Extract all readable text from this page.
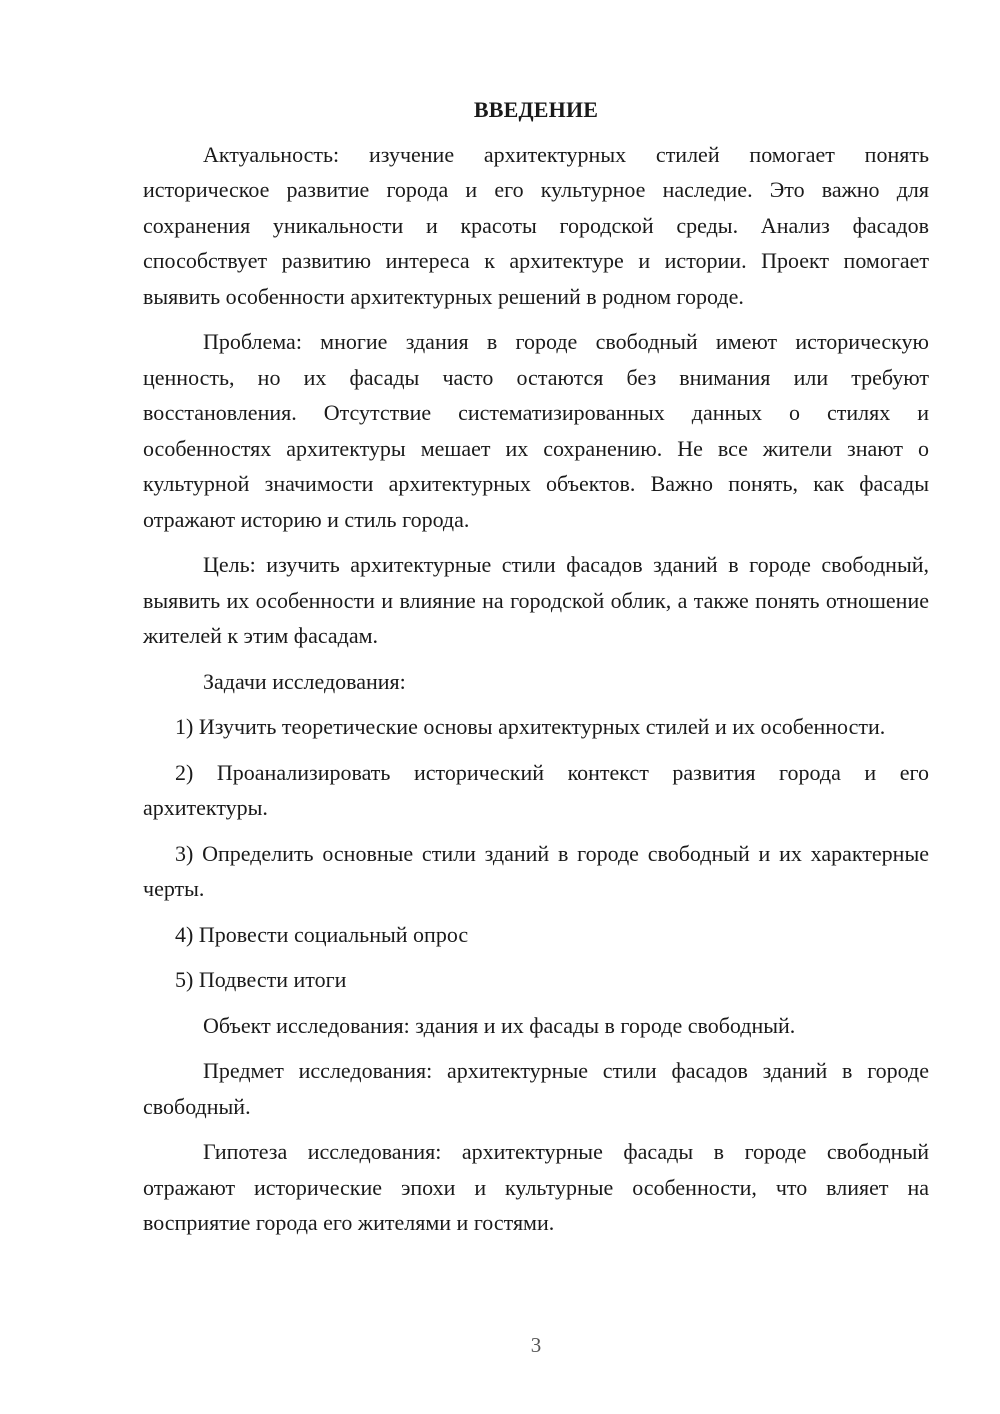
ВВЕДЕНИЕ

Актуальность: изучение архитектурных стилей помогает понять историческое развитие города и его культурное наследие. Это важно для сохранения уникальности и красоты городской среды. Анализ фасадов способствует развитию интереса к архитектуре и истории. Проект помогает выявить особенности архитектурных решений в родном городе.

Проблема: многие здания в городе свободный имеют историческую ценность, но их фасады часто остаются без внимания или требуют восстановления. Отсутствие систематизированных данных о стилях и особенностях архитектуры мешает их сохранению. Не все жители знают о культурной значимости архитектурных объектов. Важно понять, как фасады отражают историю и стиль города.

Цель: изучить архитектурные стили фасадов зданий в городе свободный, выявить их особенности и влияние на городской облик, а также понять отношение жителей к этим фасадам.

Задачи исследования:

1) Изучить теоретические основы архитектурных стилей и их особенности.

2) Проанализировать исторический контекст развития города и его архитектуры.

3) Определить основные стили зданий в городе свободный и их характерные черты.

4) Провести социальный опрос

5) Подвести итоги

Объект исследования: здания и их фасады в городе свободный.

Предмет исследования: архитектурные стили фасадов зданий в городе свободный.

Гипотеза исследования: архитектурные фасады в городе свободный отражают исторические эпохи и культурные особенности, что влияет на восприятие города его жителями и гостями.

3
